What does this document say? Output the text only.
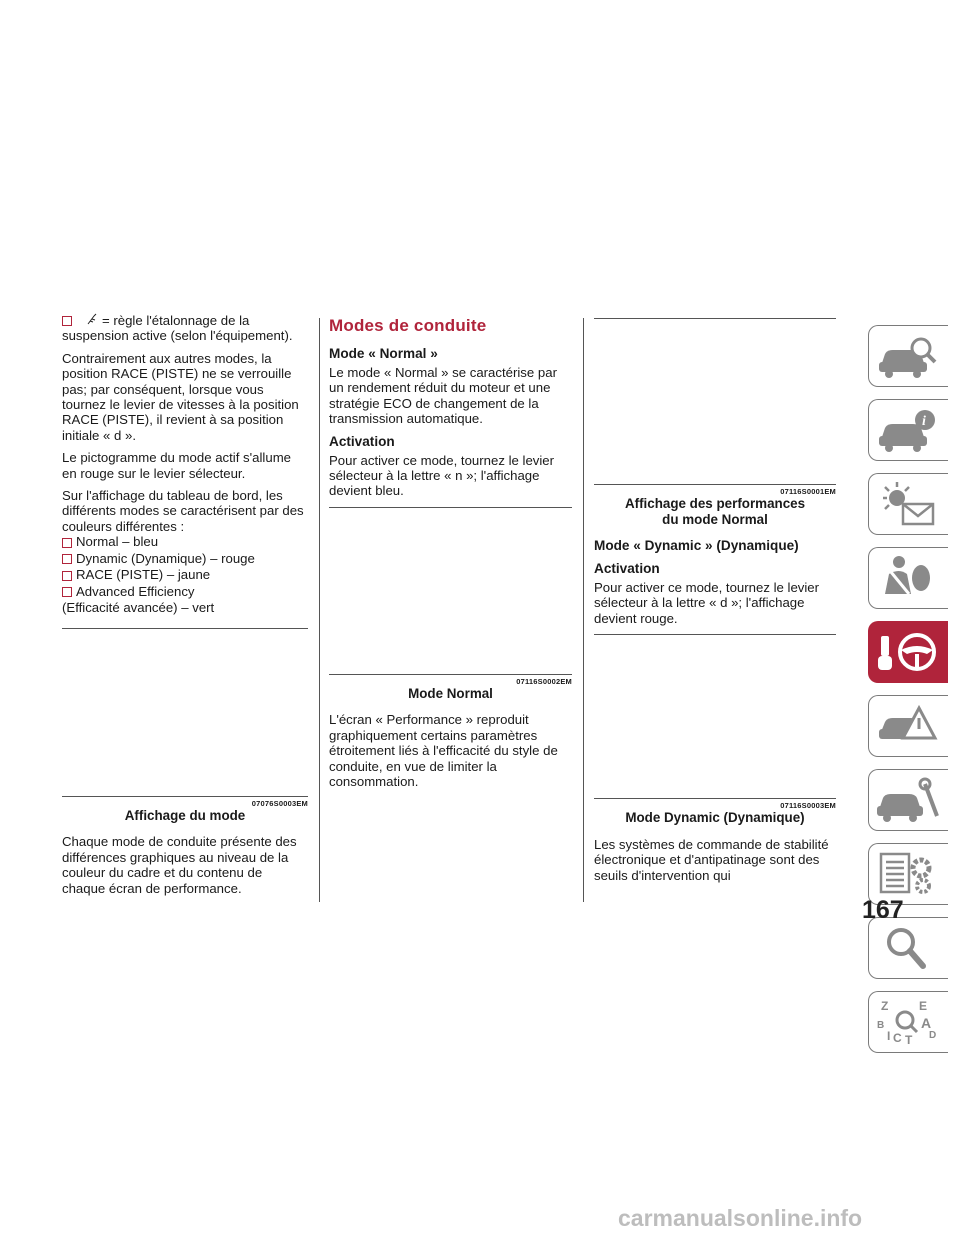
= règle l'étalonnage de la suspension active (selon l'équipement).

Contrairement aux autres modes, la position RACE (PISTE) ne se verrouille pas; par conséquent, lorsque vous tournez le levier de vitesses à la position RACE (PISTE), il revient à sa position initiale « d ».

Le pictogramme du mode actif s'allume en rouge sur le levier sélecteur.

Sur l'affichage du tableau de bord, les différents modes se caractérisent par des couleurs différentes :

Normal – bleu
Dynamic (Dynamique) – rouge
RACE (PISTE) – jaune
Advanced Efficiency
(Efficacité avancée) – vert
07076S0003EM
Affichage du mode

Chaque mode de conduite présente des différences graphiques au niveau de la couleur du cadre et du contenu de chaque écran de performance.

Modes de conduite
Mode « Normal »

Le mode « Normal » se caractérise par un rendement réduit du moteur et une stratégie ECO de changement de la transmission automatique.

Activation

Pour activer ce mode, tournez le levier sélecteur à la lettre « n »; l'affichage devient bleu.

07116S0002EM
Mode Normal

L'écran « Performance » reproduit graphiquement certains paramètres étroitement liés à l'efficacité du style de conduite, en vue de limiter la consommation.

07116S0001EM
Affichage des performances
du mode Normal
Mode « Dynamic » (Dynamique)
Activation

Pour activer ce mode, tournez le levier sélecteur à la lettre « d »; l'affichage devient rouge.

07116S0003EM
Mode Dynamic (Dynamique)

Les systèmes de commande de stabilité électronique et d'antipatinage sont des seuils d'intervention qui

i
Z	E
B	A
I C T D
167
carmanualsonline.info
